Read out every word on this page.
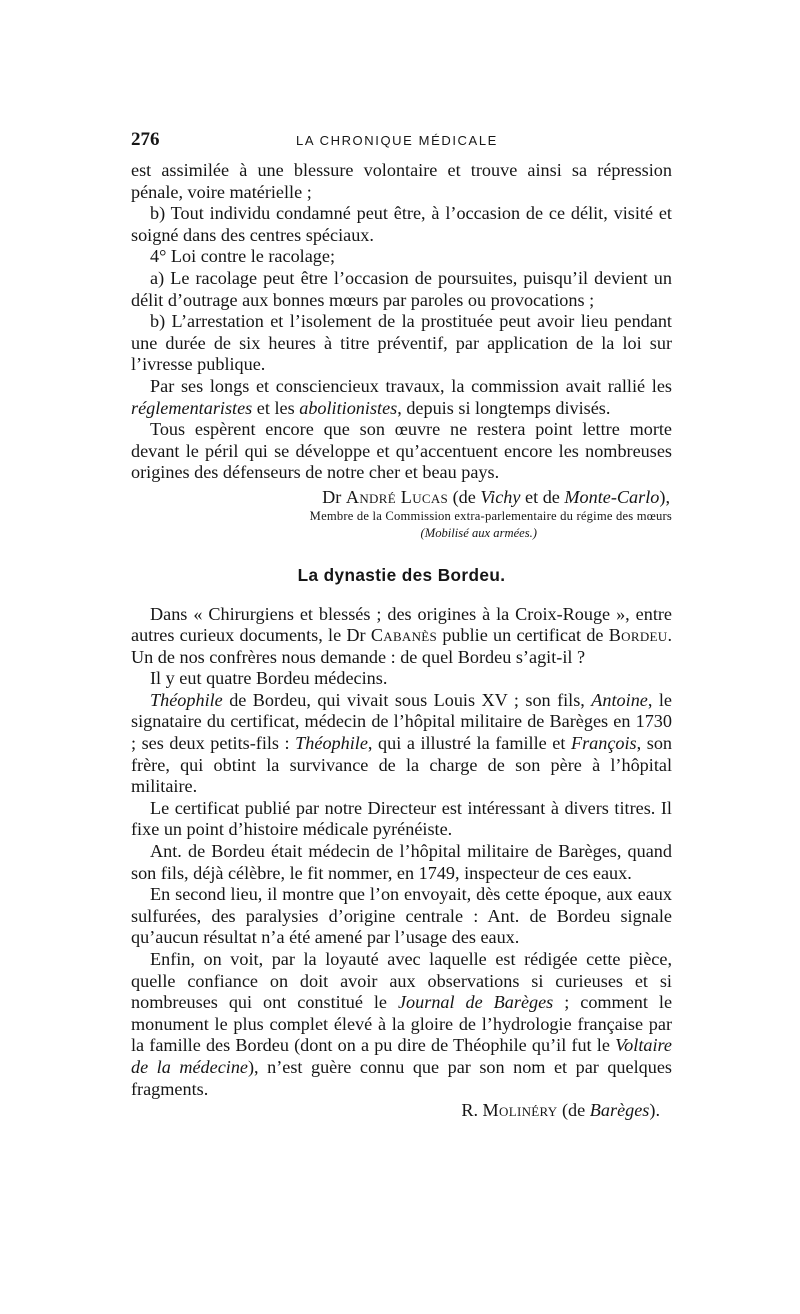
276	LA CHRONIQUE MÉDICALE

est assimilée à une blessure volontaire et trouve ainsi sa répression pénale, voire matérielle ;

b) Tout individu condamné peut être, à l’occasion de ce délit, visité et soigné dans des centres spéciaux.

4° Loi contre le racolage;

a) Le racolage peut être l’occasion de poursuites, puisqu’il devient un délit d’outrage aux bonnes mœurs par paroles ou provocations ;

b) L’arrestation et l’isolement de la prostituée peut avoir lieu pendant une durée de six heures à titre préventif, par application de la loi sur l’ivresse publique.

Par ses longs et consciencieux travaux, la commission avait rallié les réglementaristes et les abolitionistes, depuis si longtemps divisés.

Tous espèrent encore que son œuvre ne restera point lettre morte devant le péril qui se développe et qu’accentuent encore les nombreuses origines des défenseurs de notre cher et beau pays.

Dr André Lucas (de Vichy et de Monte-Carlo),
Membre de la Commission extra-parlementaire du régime des mœurs
(Mobilisé aux armées.)
La dynastie des Bordeu.

Dans « Chirurgiens et blessés ; des origines à la Croix-Rouge », entre autres curieux documents, le Dr Cabanès publie un certificat de Bordeu. Un de nos confrères nous demande : de quel Bordeu s’agit-il ?

Il y eut quatre Bordeu médecins.

Théophile de Bordeu, qui vivait sous Louis XV ; son fils, Antoine, le signataire du certificat, médecin de l’hôpital militaire de Barèges en 1730 ; ses deux petits-fils : Théophile, qui a illustré la famille et François, son frère, qui obtint la survivance de la charge de son père à l’hôpital militaire.

Le certificat publié par notre Directeur est intéressant à divers titres. Il fixe un point d’histoire médicale pyrénéiste.

Ant. de Bordeu était médecin de l’hôpital militaire de Barèges, quand son fils, déjà célèbre, le fit nommer, en 1749, inspecteur de ces eaux.

En second lieu, il montre que l’on envoyait, dès cette époque, aux eaux sulfurées, des paralysies d’origine centrale : Ant. de Bordeu signale qu’aucun résultat n’a été amené par l’usage des eaux.

Enfin, on voit, par la loyauté avec laquelle est rédigée cette pièce, quelle confiance on doit avoir aux observations si curieuses et si nombreuses qui ont constitué le Journal de Barèges ; comment le monument le plus complet élevé à la gloire de l’hydrologie française par la famille des Bordeu (dont on a pu dire de Théophile qu’il fut le Voltaire de la médecine), n’est guère connu que par son nom et par quelques fragments.

R. Molinéry (de Barèges).
